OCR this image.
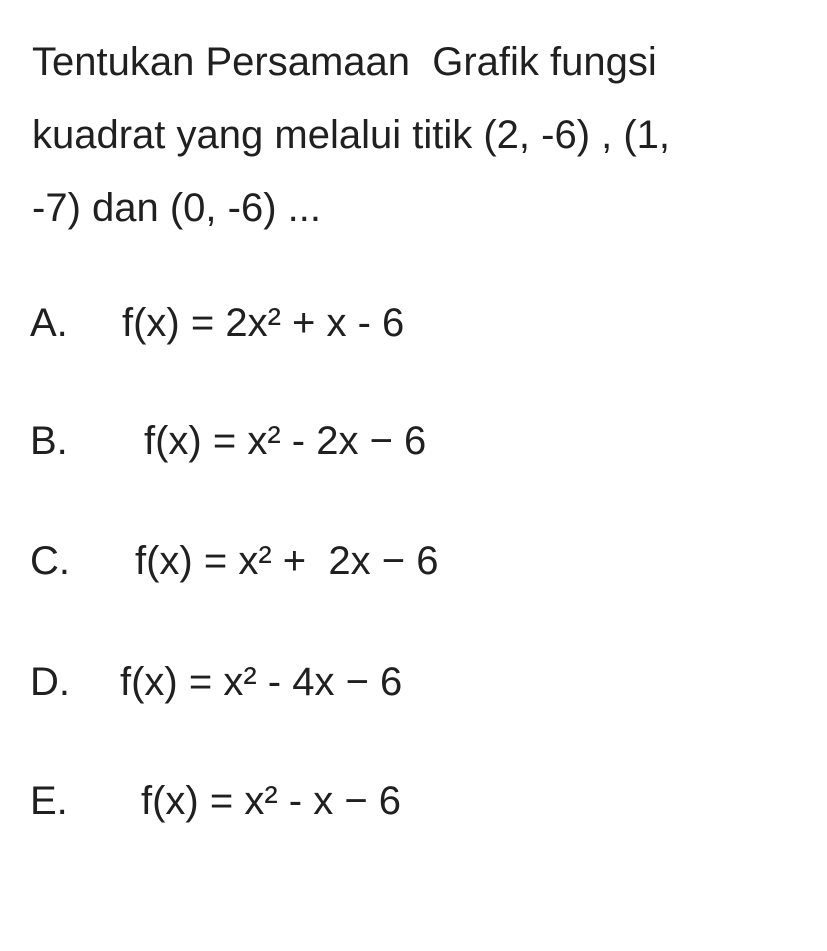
Tentukan Persamaan  Grafik fungsi
kuadrat yang melalui titik (2, -6) , (1,
-7) dan (0, -6) ...

A.

f(x) = 2x² + x - 6

B.

f(x) = x² - 2x − 6

C.

f(x) = x² +  2x − 6

D.

f(x) = x² - 4x − 6

E.

f(x) = x² - x − 6
